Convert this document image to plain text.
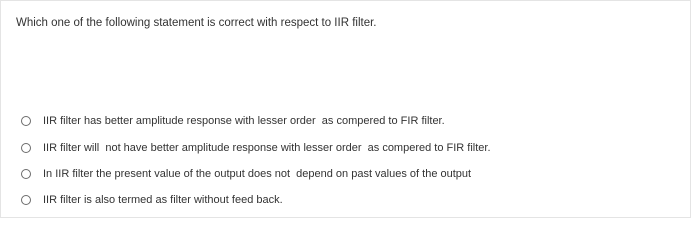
Which one of the following statement is correct with respect to IIR filter.
IIR filter has better amplitude response with lesser order  as compered to FIR filter.
IIR filter will  not have better amplitude response with lesser order  as compered to FIR filter.
In IIR filter the present value of the output does not  depend on past values of the output
IIR filter is also termed as filter without feed back.
